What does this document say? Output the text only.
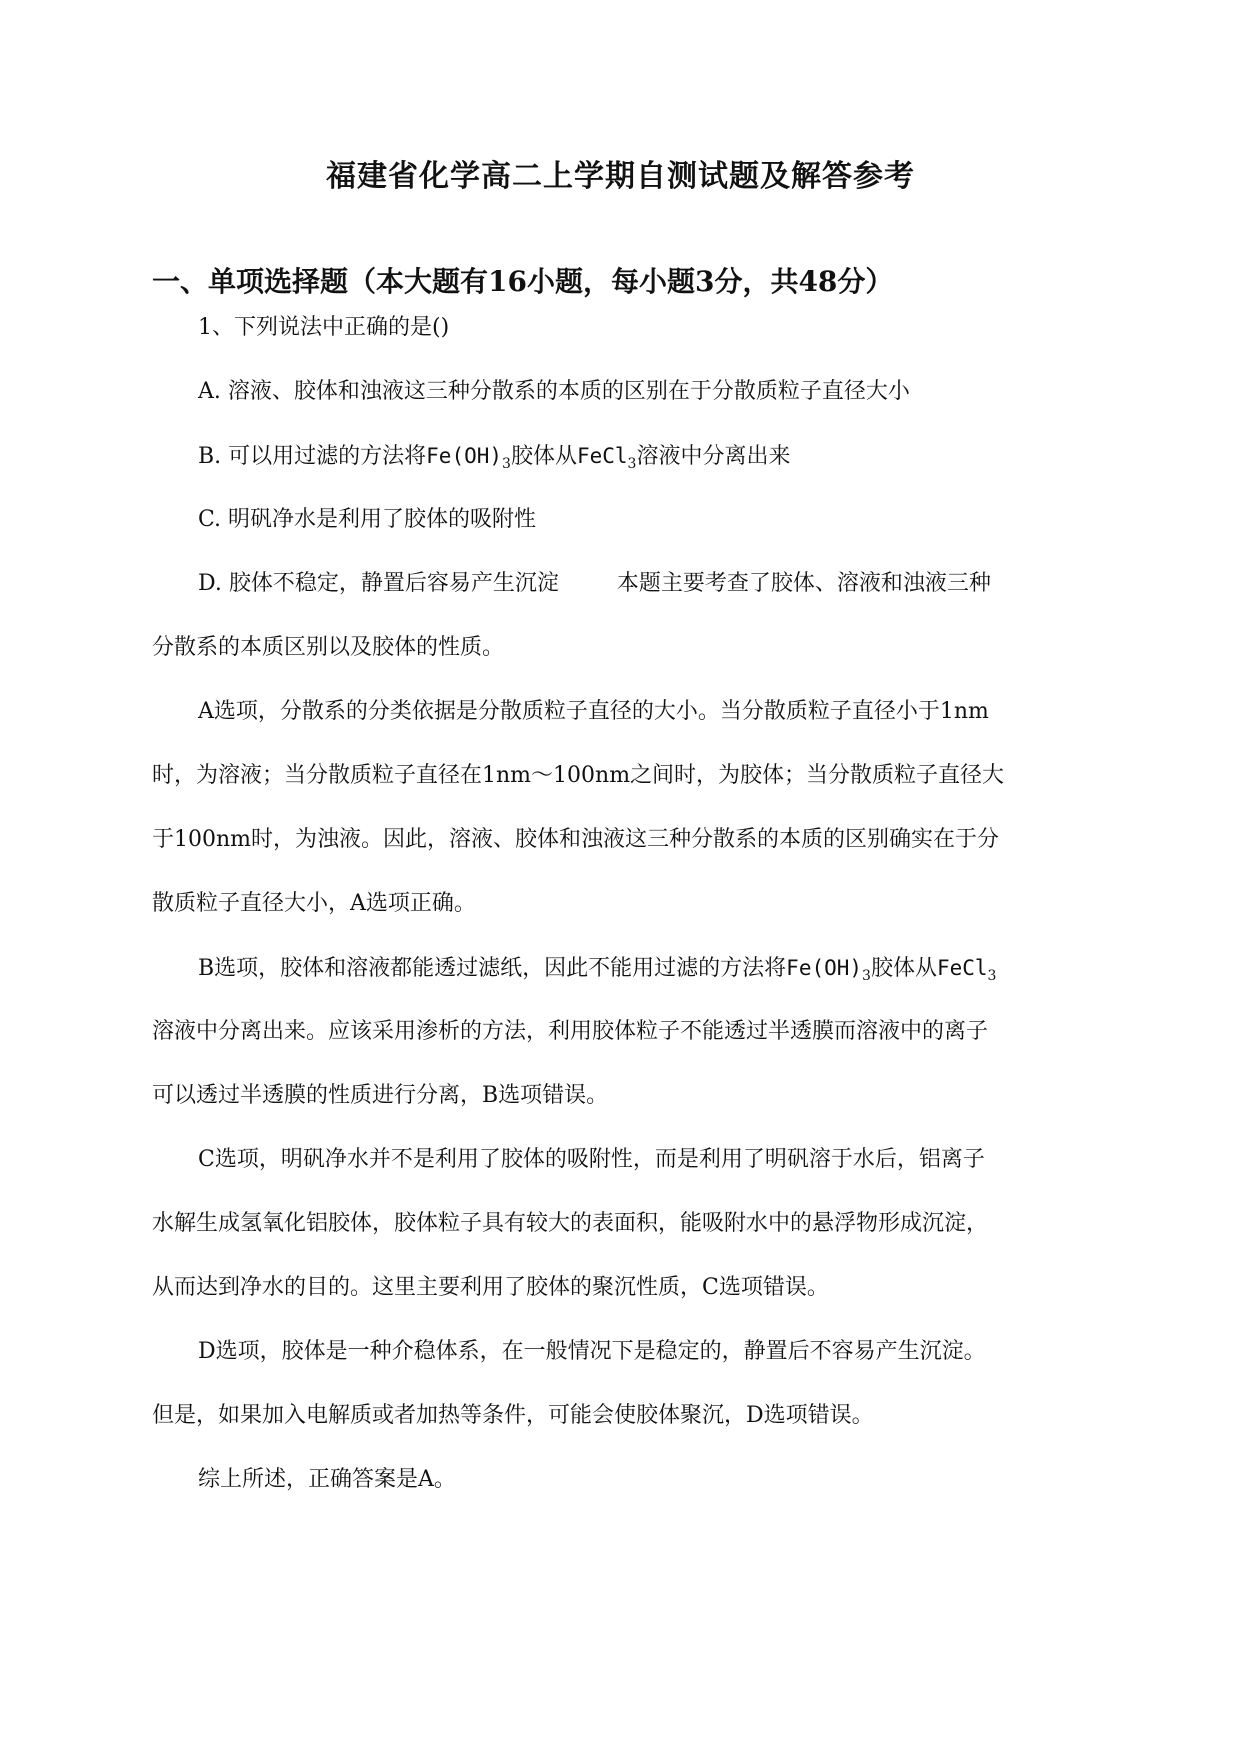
福建省化学高二上学期自测试题及解答参考
一、单项选择题（本大题有16小题，每小题3分，共48分）
1、下列说法中正确的是()
A. 溶液、胶体和浊液这三种分散系的本质的区别在于分散质粒子直径大小
B. 可以用过滤的方法将$Fe(OH)_3$胶体从FeCl$_3$溶液中分离出来
C. 明矾净水是利用了胶体的吸附性
D. 胶体不稳定，静置后容易产生沉淀	本题主要考查了胶体、溶液和浊液三种
分散系的本质区别以及胶体的性质。
A选项，分散系的分类依据是分散质粒子直径的大小。当分散质粒子直径小于1nm
时，为溶液；当分散质粒子直径在1nm～100nm之间时，为胶体；当分散质粒子直径大
于100nm时，为浊液。因此，溶液、胶体和浊液这三种分散系的本质的区别确实在于分
散质粒子直径大小，A选项正确。
B选项，胶体和溶液都能透过滤纸，因此不能用过滤的方法将$Fe(OH)_3$胶体从FeCl$_3$
溶液中分离出来。应该采用渗析的方法，利用胶体粒子不能透过半透膜而溶液中的离子
可以透过半透膜的性质进行分离，B选项错误。
C选项，明矾净水并不是利用了胶体的吸附性，而是利用了明矾溶于水后，铝离子
水解生成氢氧化铝胶体，胶体粒子具有较大的表面积，能吸附水中的悬浮物形成沉淀，
从而达到净水的目的。这里主要利用了胶体的聚沉性质，C选项错误。
D选项，胶体是一种介稳体系，在一般情况下是稳定的，静置后不容易产生沉淀。
但是，如果加入电解质或者加热等条件，可能会使胶体聚沉，D选项错误。
综上所述，正确答案是A。
